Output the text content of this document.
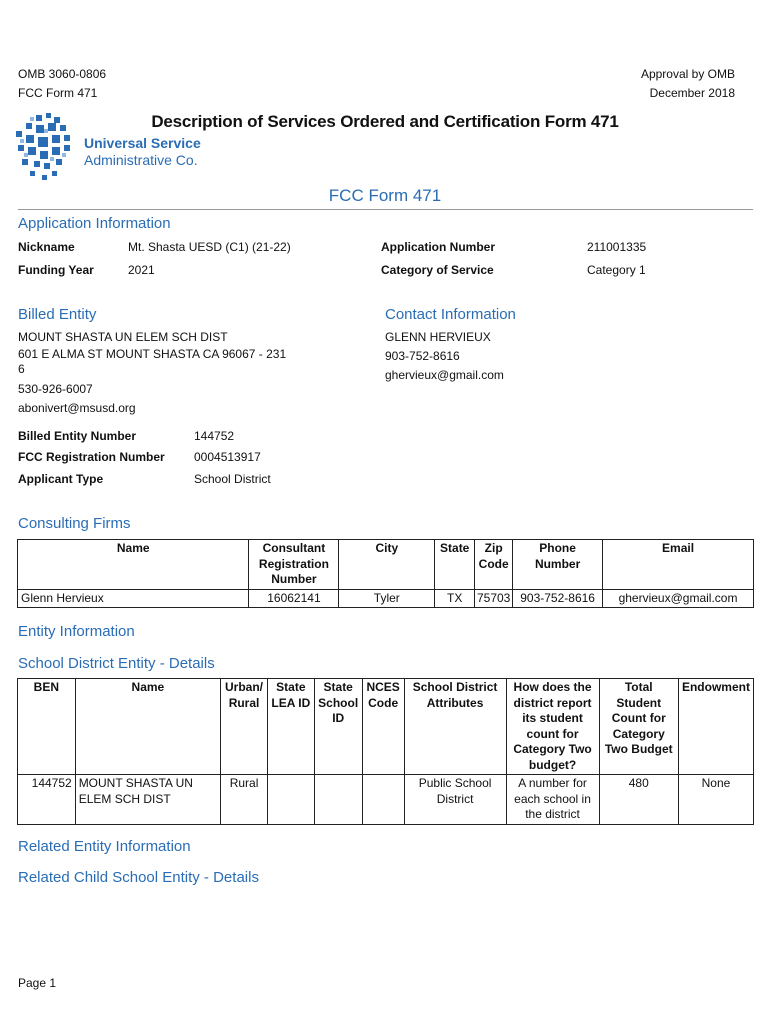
OMB 3060-0806
FCC Form 471
Approval by OMB
December 2018
Universal Service
Administrative Co.
Description of Services Ordered and Certification Form 471
FCC Form 471
Application Information
Nickname	Mt. Shasta UESD (C1) (21-22)	Application Number	211001335
Funding Year	2021	Category of Service	Category 1
Billed Entity
MOUNT SHASTA UN ELEM SCH DIST
601 E ALMA ST MOUNT SHASTA CA 96067 - 231
6
530-926-6007
abonivert@msusd.org
Contact Information
GLENN HERVIEUX
903-752-8616
ghervieux@gmail.com
Billed Entity Number	144752
FCC Registration Number 0004513917
Applicant Type	School District
Consulting Firms
Name	Consultant Registration Number	City	State	Zip Code	Phone Number	Email
Glenn Hervieux	16062141	Tyler	TX	75703	903-752-8616	ghervieux@gmail.com
Entity Information
School District Entity - Details
BEN	Name	Urban/ Rural	State LEA ID	State School ID	NCES Code	School District Attributes	How does the district report its student count for Category Two budget?	Total Student Count for Category Two Budget	Endowment
144752	MOUNT SHASTA UN ELEM SCH DIST	Rural				Public School District	A number for each school in the district	480	None
Related Entity Information
Related Child School Entity - Details
Page 1
